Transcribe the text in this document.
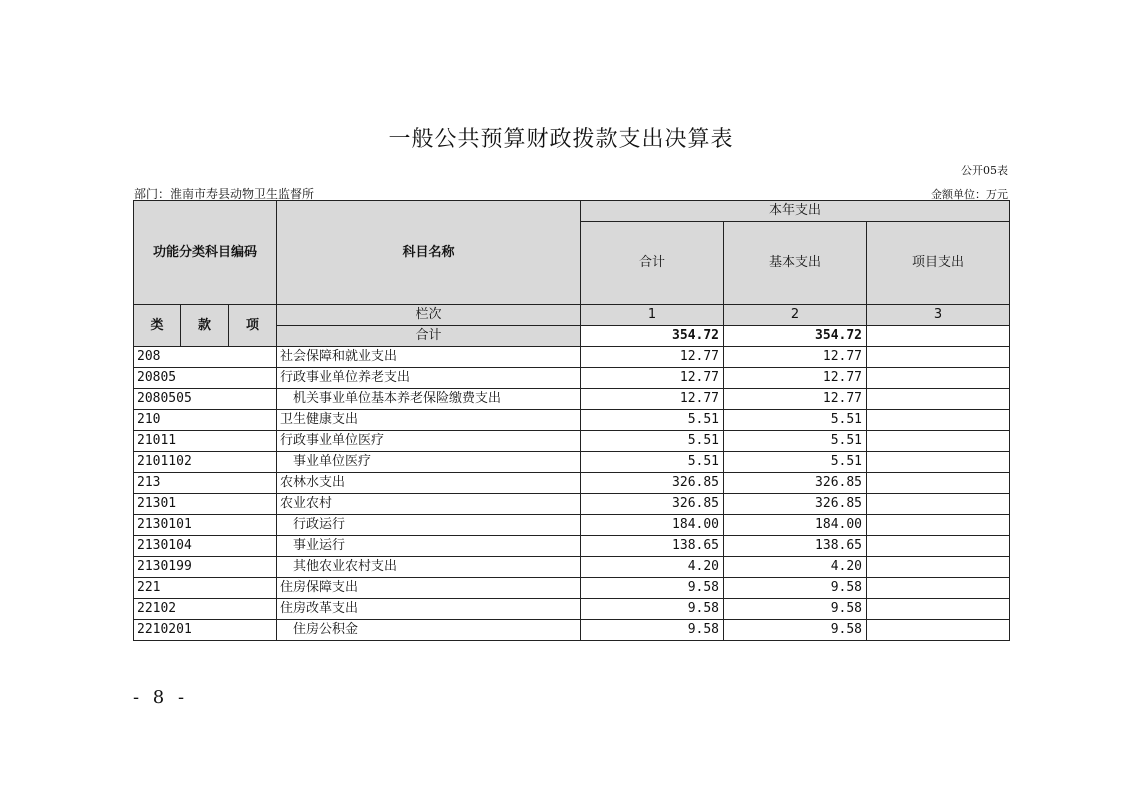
一般公共预算财政拨款支出决算表
公开05表
部门：淮南市寿县动物卫生监督所	金额单位：万元
功能分类科目编码			科目名称	本年支出		
				合计	基本支出	项目支出
类	款	项	栏次	1	2	3
			合计	354.72	354.72	
208			社会保障和就业支出	12.77	12.77	
20805			行政事业单位养老支出	12.77	12.77	
2080505			机关事业单位基本养老保险缴费支出	12.77	12.77	
210			卫生健康支出	5.51	5.51	
21011			行政事业单位医疗	5.51	5.51	
2101102			事业单位医疗	5.51	5.51	
213			农林水支出	326.85	326.85	
21301			农业农村	326.85	326.85	
2130101			行政运行	184.00	184.00	
2130104			事业运行	138.65	138.65	
2130199			其他农业农村支出	4.20	4.20	
221			住房保障支出	9.58	9.58	
22102			住房改革支出	9.58	9.58	
2210201			住房公积金	9.58	9.58	
- 8 -
